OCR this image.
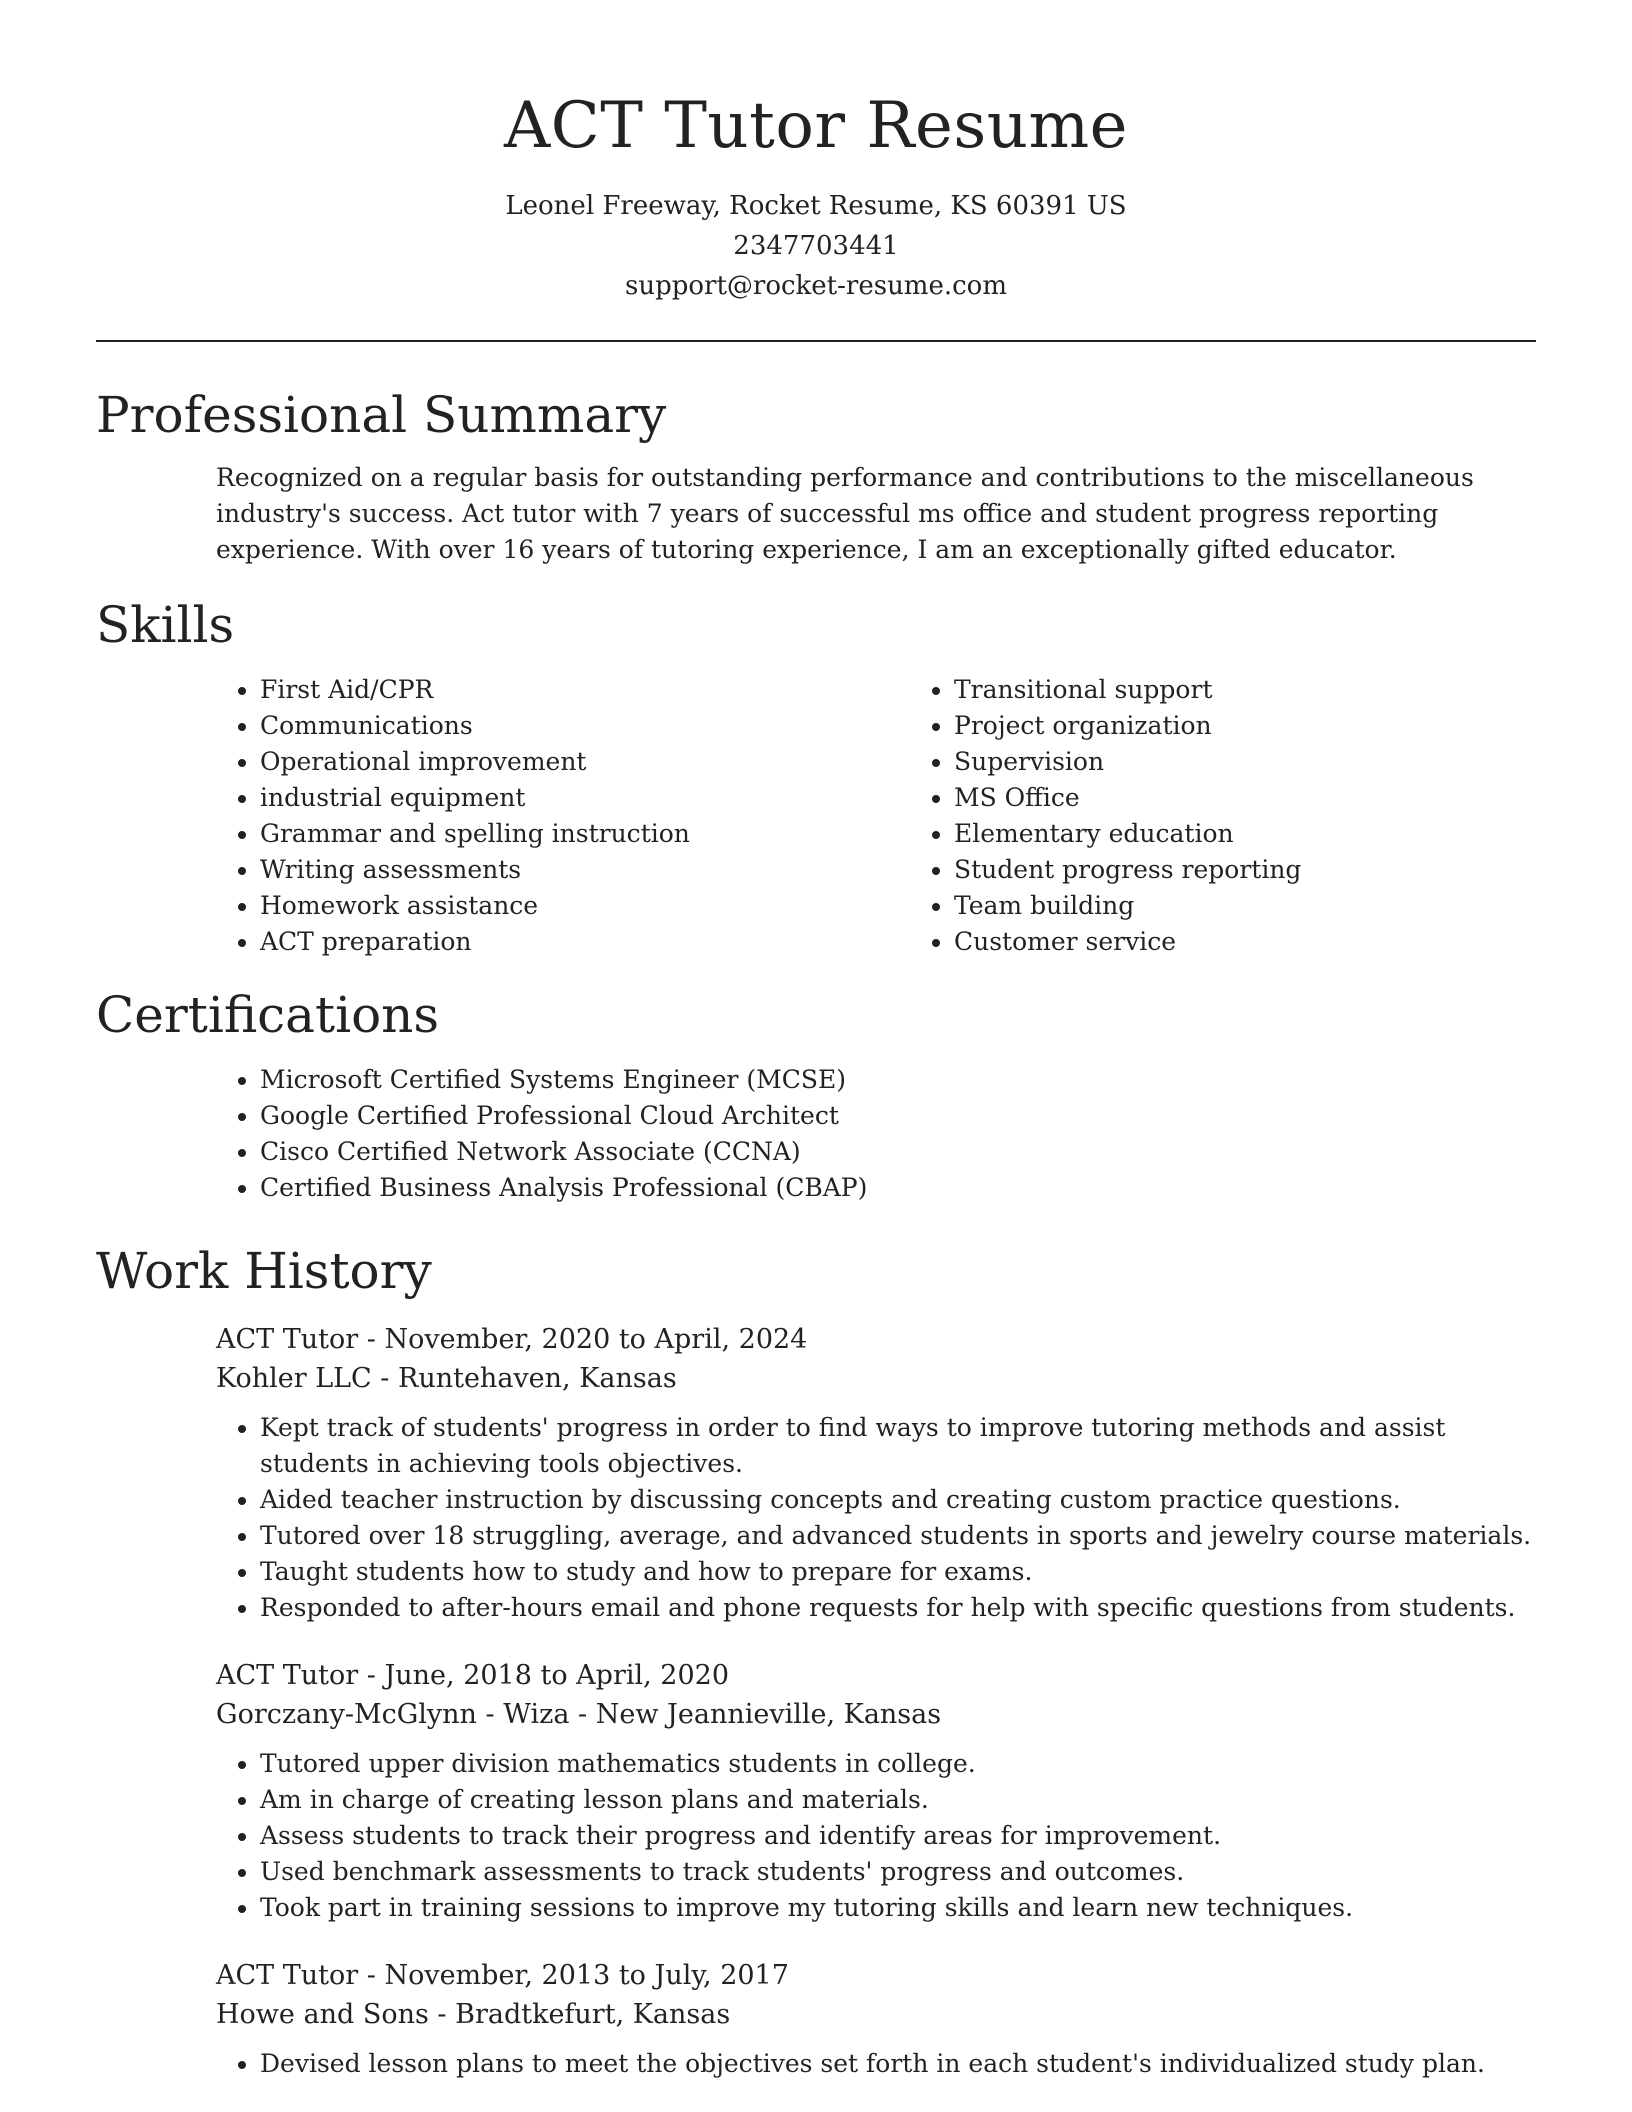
ACT Tutor Resume
Leonel Freeway, Rocket Resume, KS 60391 US
2347703441
support@rocket-resume.com
Professional Summary

Recognized on a regular basis for outstanding performance and contributions to the miscellaneous industry's success. Act tutor with 7 years of successful ms office and student progress reporting experience. With over 16 years of tutoring experience, I am an exceptionally gifted educator.

Skills
• First Aid/CPR
• Communications
• Operational improvement
• industrial equipment
• Grammar and spelling instruction
• Writing assessments
• Homework assistance
• ACT preparation
• Transitional support
• Project organization
• Supervision
• MS Office
• Elementary education
• Student progress reporting
• Team building
• Customer service
Certifications
• Microsoft Certified Systems Engineer (MCSE)
• Google Certified Professional Cloud Architect
• Cisco Certified Network Associate (CCNA)
• Certified Business Analysis Professional (CBAP)
Work History
ACT Tutor - November, 2020 to April, 2024
Kohler LLC - Runtehaven, Kansas
• Kept track of students' progress in order to find ways to improve tutoring methods and assist students in achieving tools objectives.
• Aided teacher instruction by discussing concepts and creating custom practice questions.
• Tutored over 18 struggling, average, and advanced students in sports and jewelry course materials.
• Taught students how to study and how to prepare for exams.
• Responded to after-hours email and phone requests for help with specific questions from students.
ACT Tutor - June, 2018 to April, 2020
Gorczany-McGlynn - Wiza - New Jeannieville, Kansas
• Tutored upper division mathematics students in college.
• Am in charge of creating lesson plans and materials.
• Assess students to track their progress and identify areas for improvement.
• Used benchmark assessments to track students' progress and outcomes.
• Took part in training sessions to improve my tutoring skills and learn new techniques.
ACT Tutor - November, 2013 to July, 2017
Howe and Sons - Bradtkefurt, Kansas
• Devised lesson plans to meet the objectives set forth in each student's individualized study plan.
